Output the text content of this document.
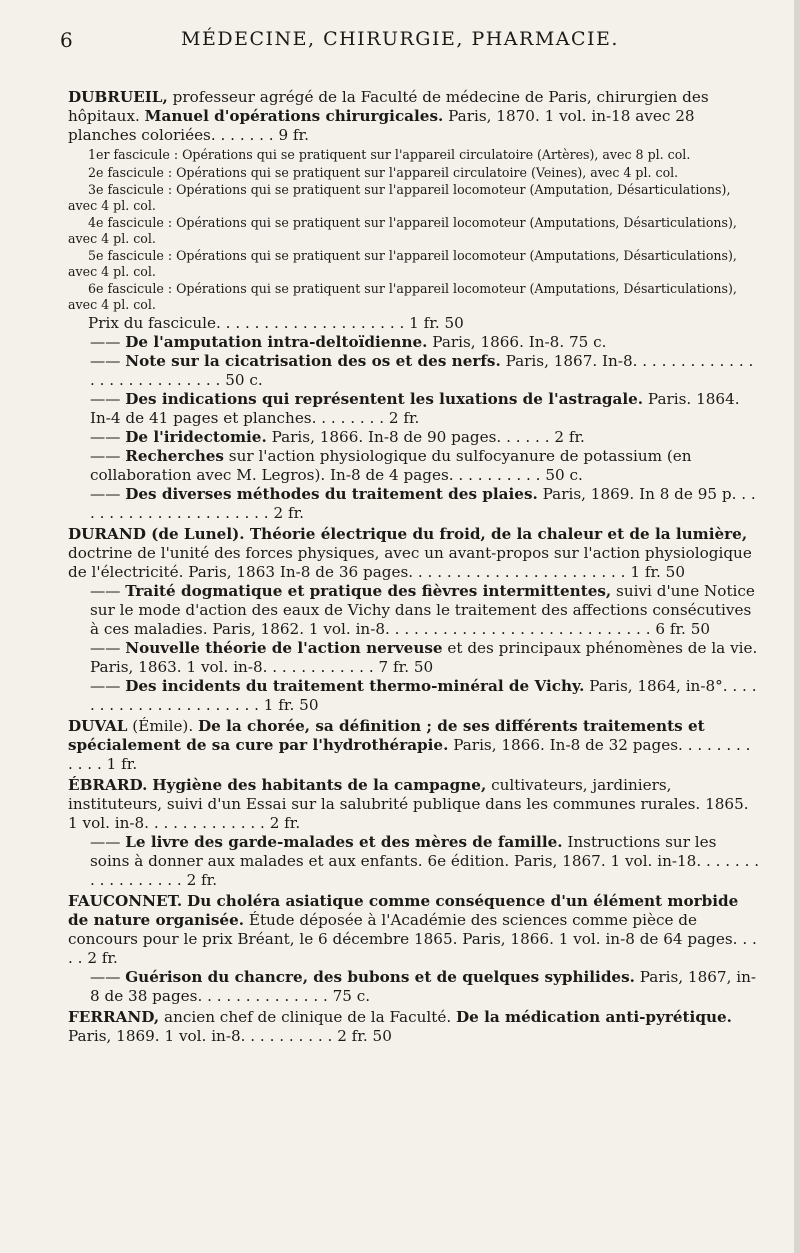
6	MÉDECINE, CHIRURGIE, PHARMACIE.

DUBRUEIL, professeur agrégé de la Faculté de médecine de Paris, chirurgien des hôpitaux. Manuel d'opérations chirurgicales. Paris, 1870. 1 vol. in-18 avec 28 planches coloriées. . . . . . . 9 fr.

1er fascicule : Opérations qui se pratiquent sur l'appareil circulatoire (Artères), avec 8 pl. col.

2e fascicule : Opérations qui se pratiquent sur l'appareil circulatoire (Veines), avec 4 pl. col.

3e fascicule : Opérations qui se pratiquent sur l'appareil locomoteur (Amputation, Désarticulations), avec 4 pl. col.

4e fascicule : Opérations qui se pratiquent sur l'appareil locomoteur (Amputations, Désarticulations), avec 4 pl. col.

5e fascicule : Opérations qui se pratiquent sur l'appareil locomoteur (Amputations, Désarticulations), avec 4 pl. col.

6e fascicule : Opérations qui se pratiquent sur l'appareil locomoteur (Amputations, Désarticulations), avec 4 pl. col.

Prix du fascicule. . . . . . . . . . . . . . . . . . . . 1 fr. 50

—— De l'amputation intra-deltoïdienne. Paris, 1866. In-8. 75 c.

—— Note sur la cicatrisation des os et des nerfs. Paris, 1867. In-8. . . . . . . . . . . . . . . . . . . . . . . . . . . 50 c.

—— Des indications qui représentent les luxations de l'astragale. Paris. 1864. In-4 de 41 pages et planches. . . . . . . . 2 fr.

—— De l'iridectomie. Paris, 1866. In-8 de 90 pages. . . . . . 2 fr.

—— Recherches sur l'action physiologique du sulfocyanure de potassium (en collaboration avec M. Legros). In-8 de 4 pages. . . . . . . . . . 50 c.

—— Des diverses méthodes du traitement des plaies. Paris, 1869. In 8 de 95 p. . . . . . . . . . . . . . . . . . . . . . 2 fr.

DURAND (de Lunel). Théorie électrique du froid, de la chaleur et de la lumière, doctrine de l'unité des forces physiques, avec un avant-propos sur l'action physiologique de l'électricité. Paris, 1863 In-8 de 36 pages. . . . . . . . . . . . . . . . . . . . . . . 1 fr. 50

—— Traité dogmatique et pratique des fièvres intermittentes, suivi d'une Notice sur le mode d'action des eaux de Vichy dans le traitement des affections consécutives à ces maladies. Paris, 1862. 1 vol. in-8. . . . . . . . . . . . . . . . . . . . . . . . . . . . 6 fr. 50

—— Nouvelle théorie de l'action nerveuse et des principaux phénomènes de la vie. Paris, 1863. 1 vol. in-8. . . . . . . . . . . . 7 fr. 50

—— Des incidents du traitement thermo-minéral de Vichy. Paris, 1864, in-8°. . . . . . . . . . . . . . . . . . . . . . 1 fr. 50

DUVAL (Émile). De la chorée, sa définition ; de ses différents traitements et spécialement de sa cure par l'hydrothérapie. Paris, 1866. In-8 de 32 pages. . . . . . . . . . . . 1 fr.

ÉBRARD. Hygiène des habitants de la campagne, cultivateurs, jardiniers, instituteurs, suivi d'un Essai sur la salubrité publique dans les communes rurales. 1865. 1 vol. in-8. . . . . . . . . . . . . 2 fr.

—— Le livre des garde-malades et des mères de famille. Instructions sur les soins à donner aux malades et aux enfants. 6e édition. Paris, 1867. 1 vol. in-18. . . . . . . . . . . . . . . . . 2 fr.

FAUCONNET. Du choléra asiatique comme conséquence d'un élément morbide de nature organisée. Étude déposée à l'Académie des sciences comme pièce de concours pour le prix Bréant, le 6 décembre 1865. Paris, 1866. 1 vol. in-8 de 64 pages. . . . . 2 fr.

—— Guérison du chancre, des bubons et de quelques syphilides. Paris, 1867, in-8 de 38 pages. . . . . . . . . . . . . . 75 c.

FERRAND, ancien chef de clinique de la Faculté. De la médication anti-pyrétique. Paris, 1869. 1 vol. in-8. . . . . . . . . . 2 fr. 50
